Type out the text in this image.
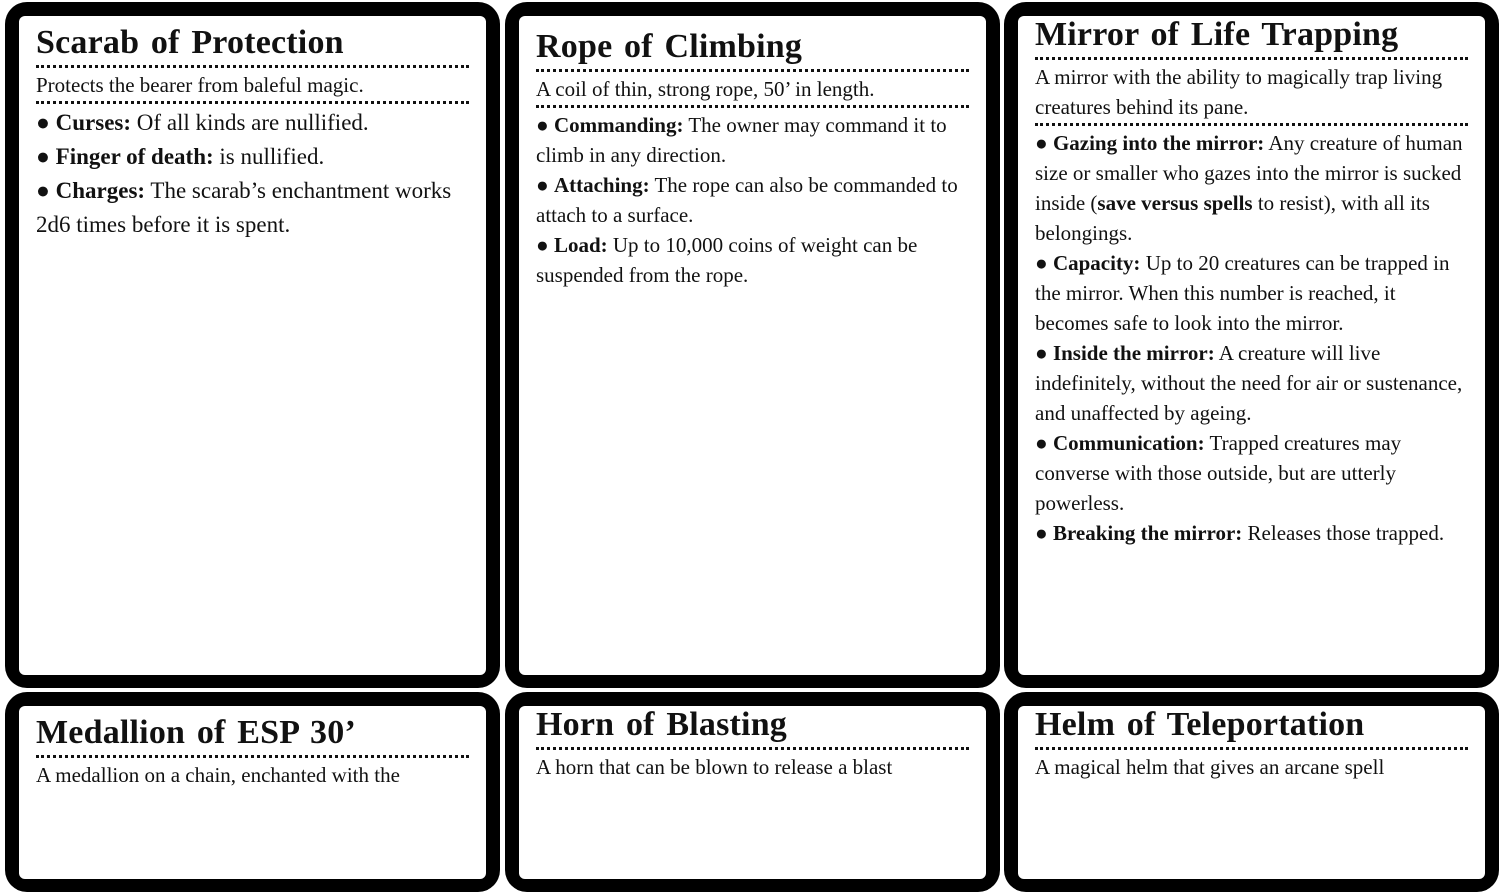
Scarab of Protection
Protects the bearer from baleful magic.
● Curses: Of all kinds are nullified.
● Finger of death: is nullified.
● Charges: The scarab’s enchantment works 2d6 times before it is spent.
Rope of Climbing
A coil of thin, strong rope, 50’ in length.
● Commanding: The owner may command it to climb in any direction.
● Attaching: The rope can also be commanded to attach to a surface.
● Load: Up to 10,000 coins of weight can be suspended from the rope.
Mirror of Life Trapping
A mirror with the ability to magically trap living creatures behind its pane.
● Gazing into the mirror: Any creature of human size or smaller who gazes into the mirror is sucked inside (save versus spells to resist), with all its belongings.
● Capacity: Up to 20 creatures can be trapped in the mirror. When this number is reached, it becomes safe to look into the mirror.
● Inside the mirror: A creature will live indefinitely, without the need for air or sustenance, and unaffected by ageing.
● Communication: Trapped creatures may converse with those outside, but are utterly powerless.
● Breaking the mirror: Releases those trapped.
Medallion of ESP 30’
A medallion on a chain, enchanted with the
Horn of Blasting
A horn that can be blown to release a blast
Helm of Teleportation
A magical helm that gives an arcane spell
